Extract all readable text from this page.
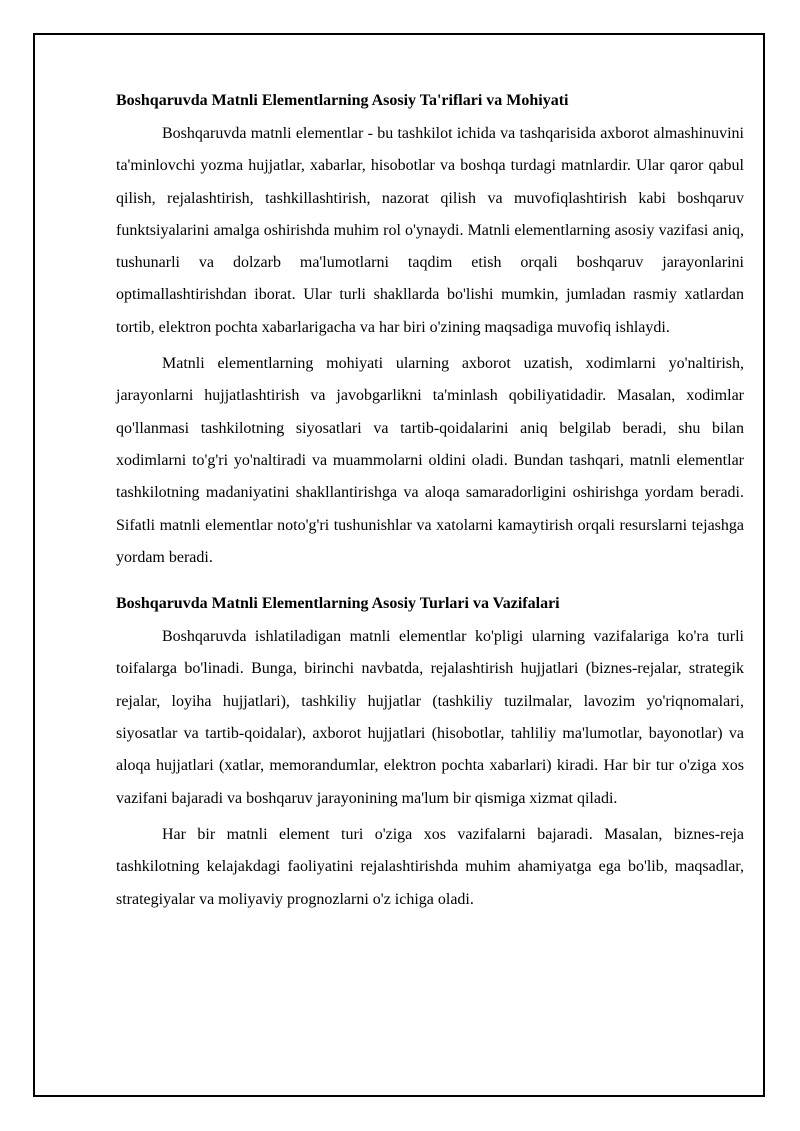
Boshqaruvda Matnli Elementlarning Asosiy Ta'riflari va Mohiyati

Boshqaruvda matnli elementlar - bu tashkilot ichida va tashqarisida axborot almashinuvini ta'minlovchi yozma hujjatlar, xabarlar, hisobotlar va boshqa turdagi matnlardir. Ular qaror qabul qilish, rejalashtirish, tashkillashtirish, nazorat qilish va muvofiqlashtirish kabi boshqaruv funktsiyalarini amalga oshirishda muhim rol o'ynaydi. Matnli elementlarning asosiy vazifasi aniq, tushunarli va dolzarb ma'lumotlarni taqdim etish orqali boshqaruv jarayonlarini optimallashtirishdan iborat. Ular turli shakllarda bo'lishi mumkin, jumladan rasmiy xatlardan tortib, elektron pochta xabarlarigacha va har biri o'zining maqsadiga muvofiq ishlaydi.

Matnli elementlarning mohiyati ularning axborot uzatish, xodimlarni yo'naltirish, jarayonlarni hujjatlashtirish va javobgarlikni ta'minlash qobiliyatidadir. Masalan, xodimlar qo'llanmasi tashkilotning siyosatlari va tartib-qoidalarini aniq belgilab beradi, shu bilan xodimlarni to'g'ri yo'naltiradi va muammolarni oldini oladi. Bundan tashqari, matnli elementlar tashkilotning madaniyatini shakllantirishga va aloqa samaradorligini oshirishga yordam beradi. Sifatli matnli elementlar noto'g'ri tushunishlar va xatolarni kamaytirish orqali resurslarni tejashga yordam beradi.

Boshqaruvda Matnli Elementlarning Asosiy Turlari va Vazifalari

Boshqaruvda ishlatiladigan matnli elementlar ko'pligi ularning vazifalariga ko'ra turli toifalarga bo'linadi. Bunga, birinchi navbatda, rejalashtirish hujjatlari (biznes-rejalar, strategik rejalar, loyiha hujjatlari), tashkiliy hujjatlar (tashkiliy tuzilmalar, lavozim yo'riqnomalari, siyosatlar va tartib-qoidalar), axborot hujjatlari (hisobotlar, tahliliy ma'lumotlar, bayonotlar) va aloqa hujjatlari (xatlar, memorandumlar, elektron pochta xabarlari) kiradi. Har bir tur o'ziga xos vazifani bajaradi va boshqaruv jarayonining ma'lum bir qismiga xizmat qiladi.

Har bir matnli element turi o'ziga xos vazifalarni bajaradi. Masalan, biznes-reja tashkilotning kelajakdagi faoliyatini rejalashtirishda muhim ahamiyatga ega bo'lib, maqsadlar, strategiyalar va moliyaviy prognozlarni o'z ichiga oladi.
